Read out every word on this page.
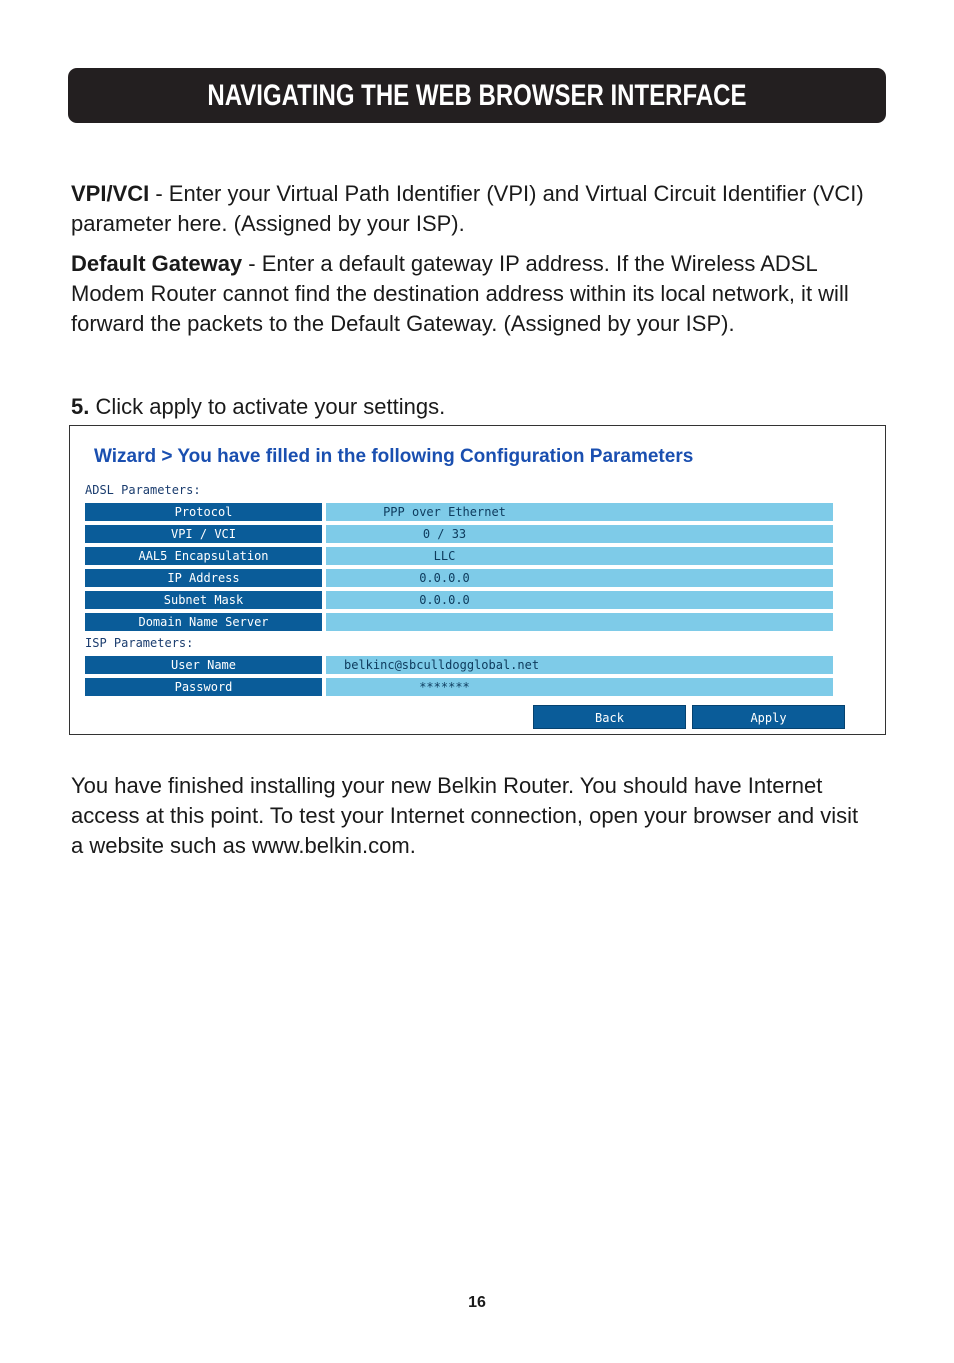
NAVIGATING THE WEB BROWSER INTERFACE

VPI/VCI - Enter your Virtual Path Identifier (VPI) and Virtual Circuit Identifier (VCI) parameter here. (Assigned by your ISP).

Default Gateway - Enter a default gateway IP address. If the Wireless ADSL Modem Router cannot find the destination address within its local network, it will forward the packets to the Default Gateway. (Assigned by your ISP).

5. Click apply to activate your settings.

Wizard > You have filled in the following Configuration Parameters
ADSL Parameters:
Protocol	PPP over Ethernet
VPI / VCI	0 / 33
AAL5 Encapsulation	LLC
IP Address	0.0.0.0
Subnet Mask	0.0.0.0
Domain Name Server
ISP Parameters:
User Name	belkinc@sbculldogglobal.net
Password	*******
Back	Apply

You have finished installing your new Belkin Router. You should have Internet access at this point. To test your Internet connection, open your browser and visit a website such as www.belkin.com.

16
